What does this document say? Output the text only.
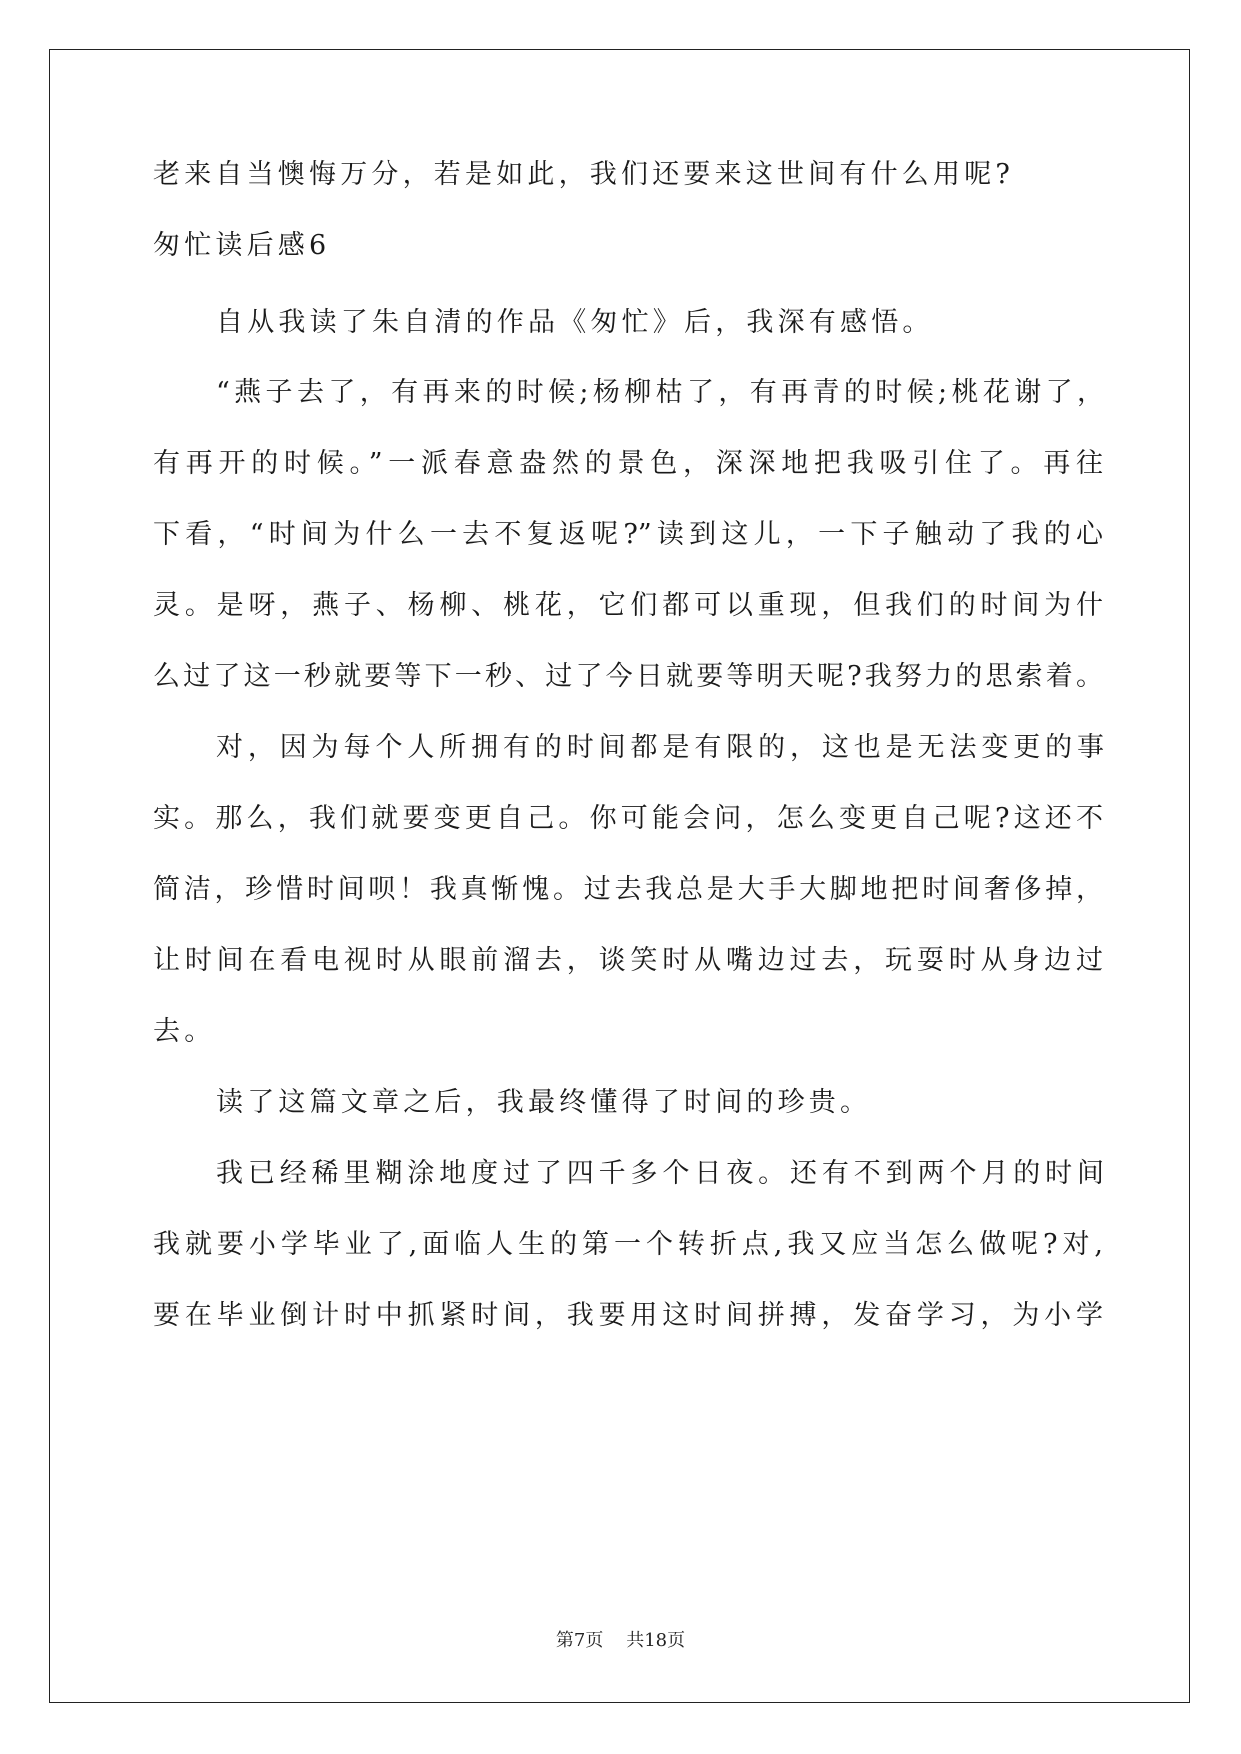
老来自当懊悔万分，若是如此，我们还要来这世间有什么用呢?
匆忙读后感6
自从我读了朱自清的作品《匆忙》后，我深有感悟。
“燕子去了，有再来的时候;杨柳枯了，有再青的时候;桃花谢了，
有再开的时候。”一派春意盎然的景色，深深地把我吸引住了。再往
下看，“时间为什么一去不复返呢?”读到这儿，一下子触动了我的心
灵。是呀，燕子、杨柳、桃花，它们都可以重现，但我们的时间为什
么过了这一秒就要等下一秒、过了今日就要等明天呢?我努力的思索着。
对，因为每个人所拥有的时间都是有限的，这也是无法变更的事
实。那么，我们就要变更自己。你可能会问，怎么变更自己呢?这还不
简洁，珍惜时间呗！我真惭愧。过去我总是大手大脚地把时间奢侈掉，
让时间在看电视时从眼前溜去，谈笑时从嘴边过去，玩耍时从身边过
去。
读了这篇文章之后，我最终懂得了时间的珍贵。
我已经稀里糊涂地度过了四千多个日夜。还有不到两个月的时间
我就要小学毕业了,面临人生的第一个转折点,我又应当怎么做呢?对,
要在毕业倒计时中抓紧时间，我要用这时间拼搏，发奋学习，为小学
第7页 共18页
